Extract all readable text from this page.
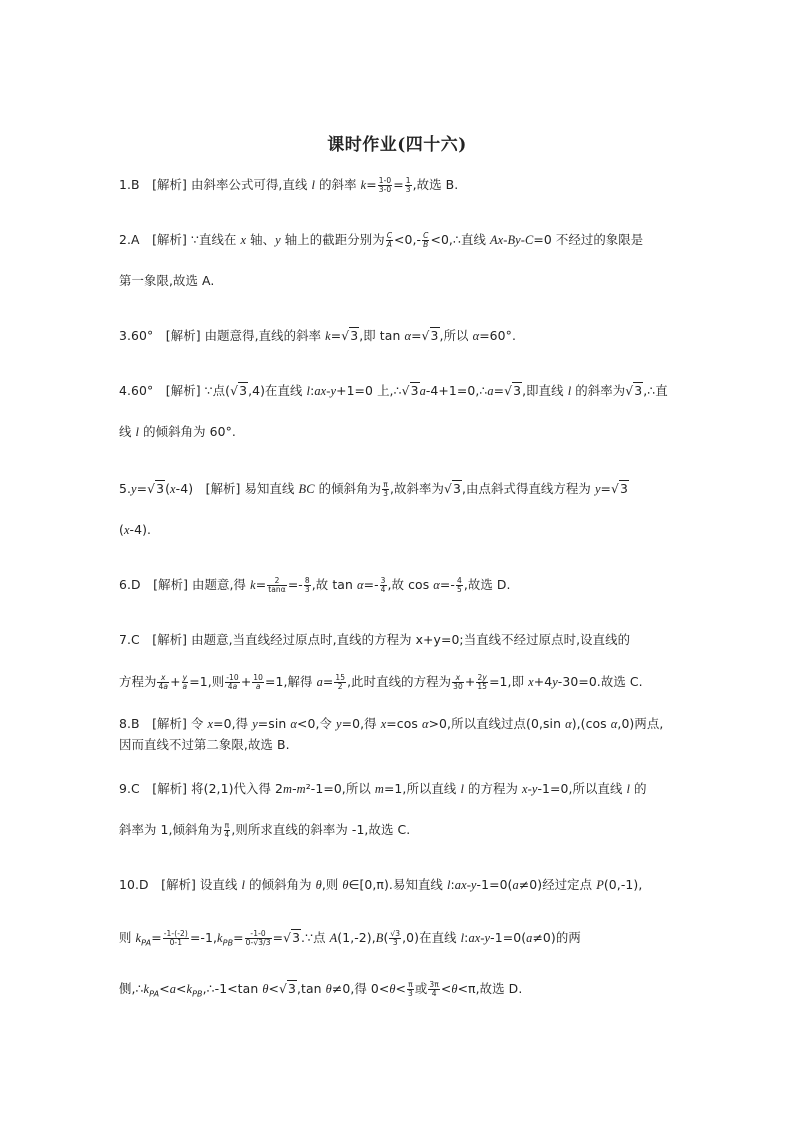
课时作业(四十六)
1.B　[解析] 由斜率公式可得,直线 l 的斜率 $k= \frac{1-0}{3-0} = \frac{1}{3}$ ,故选 B.
2.A　[解析] ∵直线在 x 轴、y 轴上的截距分别为 $\frac{C}{A} <0,- \frac{C}{B}$ <0,∴直线 Ax-By-C=0 不经过的象限是
第一象限,故选 A.
3.60°　[解析] 由题意得,直线的斜率 k=√3,即 tan α=√3,所以 α=60°.
4.60°　[解析] ∵点(√3,4)在直线 l:ax-y+1=0 上,∴√3a-4+1=0,∴a=√3,即直线 l 的斜率为√3,∴直
线 l 的倾斜角为 60°.
5.y=√3(x-4)　[解析] 易知直线 BC 的倾斜角为 $\frac{\pi}{3}$ ,故斜率为√3,由点斜式得直线方程为 y=√3
(x-4).
6.D　[解析] 由题意,得 $k= \frac{2}{\tan\alpha} =- \frac{8}{3}$ ,故 $\tan \alpha=- \frac{3}{4}$ ,故 $\cos \alpha=- \frac{4}{5}$ ,故选 D.
7.C　[解析] 由题意,当直线经过原点时,直线的方程为 x+y=0;当直线不经过原点时,设直线的
方程为 $\frac{x}{4a} + \frac{y}{a} =1$,则 $\frac{-10}{4a} + \frac{10}{a} =1$,解得 $a= \frac{15}{2}$ ,此时直线的方程为 $\frac{x}{30} + \frac{2y}{15} =1$,即 x+4y-30=0.故选 C.
8.B　[解析] 令 x=0,得 y=sin α<0,令 y=0,得 x=cos α>0,所以直线过点(0,sin α),(cos α,0)两点,
因而直线不过第二象限,故选 B.
9.C　[解析] 将(2,1)代入得 2m-m²-1=0,所以 m=1,所以直线 l 的方程为 x-y-1=0,所以直线 l 的
斜率为 1,倾斜角为 $\frac{\pi}{4}$ ,则所求直线的斜率为 -1,故选 C.
10.D　[解析] 设直线 l 的倾斜角为 θ,则 θ∈[0,π).易知直线 l:ax-y-1=0(a≠0)经过定点 P(0,-1),
则 $k_{PA}= \frac{-1-(-2)}{0-1} =-1,k_{PB}= \frac{-1-0}{0-√3/3}$ =√3.∵点 $A(1,-2),B( \frac{√3}{3} ,0)$在直线 l:ax-y-1=0(a≠0)的两
侧$,\therefore k_{PA}<a<k_{PB},\therefore-1<\tan$ θ<√3,tan θ≠0,得 $0<\theta< \frac{\pi}{3}$ 或 $\frac{3\pi}{4} <\theta<\pi$,故选 D.
